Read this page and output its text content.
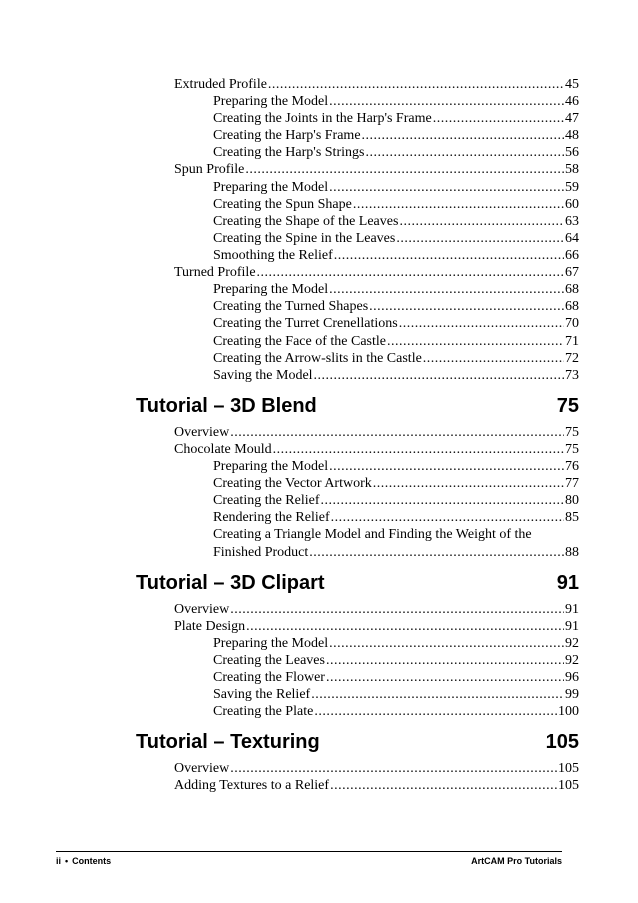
Extruded Profile .....	45
Preparing the Model .....	46
Creating the Joints in the Harp's Frame .....	47
Creating the Harp's Frame .....	48
Creating the Harp's Strings .....	56
Spun Profile .....	58
Preparing the Model .....	59
Creating the Spun Shape .....	60
Creating the Shape of the Leaves .....	63
Creating the Spine in the Leaves .....	64
Smoothing the Relief .....	66
Turned Profile .....	67
Preparing the Model .....	68
Creating the Turned Shapes .....	68
Creating the Turret Crenellations .....	70
Creating the Face of the Castle .....	71
Creating the Arrow-slits in the Castle .....	72
Saving the Model .....	73
Tutorial – 3D Blend	75
Overview .....	75
Chocolate Mould .....	75
Preparing the Model .....	76
Creating the Vector Artwork .....	77
Creating the Relief .....	80
Rendering the Relief .....	85
Creating a Triangle Model and Finding the Weight of the
Finished Product .....	88
Tutorial – 3D Clipart	91
Overview .....	91
Plate Design .....	91
Preparing the Model .....	92
Creating the Leaves .....	92
Creating the Flower .....	96
Saving the Relief .....	99
Creating the Plate .....	100
Tutorial – Texturing	105
Overview .....	105
Adding Textures to a Relief .....	105
ii • Contents	ArtCAM Pro Tutorials
